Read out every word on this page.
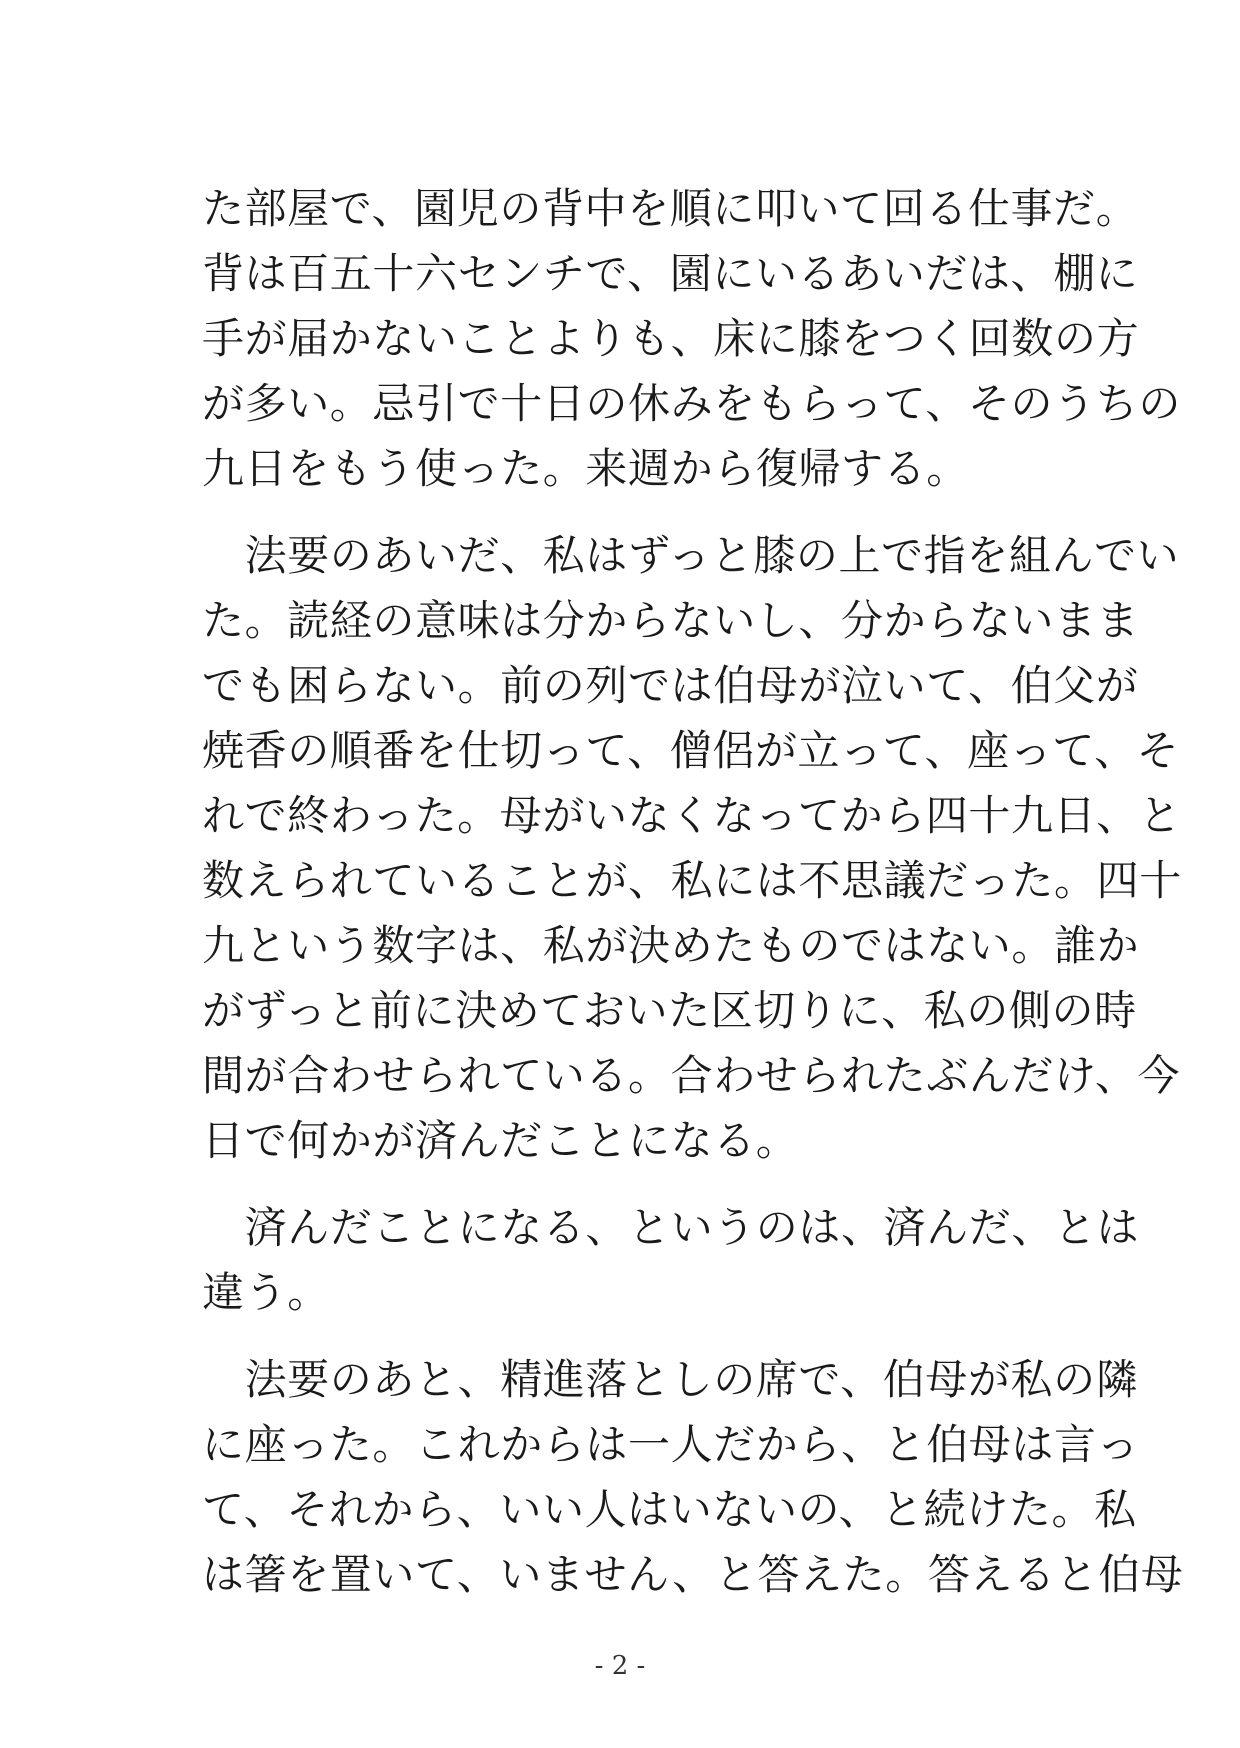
た部屋で、園児の背中を順に叩いて回る仕事だ。
背は百五十六センチで、園にいるあいだは、棚に
手が届かないことよりも、床に膝をつく回数の方
が多い。忌引で十日の休みをもらって、そのうちの
九日をもう使った。来週から復帰する。
　法要のあいだ、私はずっと膝の上で指を組んでい
た。読経の意味は分からないし、分からないまま
でも困らない。前の列では伯母が泣いて、伯父が
焼香の順番を仕切って、僧侶が立って、座って、そ
れで終わった。母がいなくなってから四十九日、と
数えられていることが、私には不思議だった。四十
九という数字は、私が決めたものではない。誰か
がずっと前に決めておいた区切りに、私の側の時
間が合わせられている。合わせられたぶんだけ、今
日で何かが済んだことになる。
　済んだことになる、というのは、済んだ、とは
違う。
　法要のあと、精進落としの席で、伯母が私の隣
に座った。これからは一人だから、と伯母は言っ
て、それから、いい人はいないの、と続けた。私
は箸を置いて、いません、と答えた。答えると伯母
- 2 -
